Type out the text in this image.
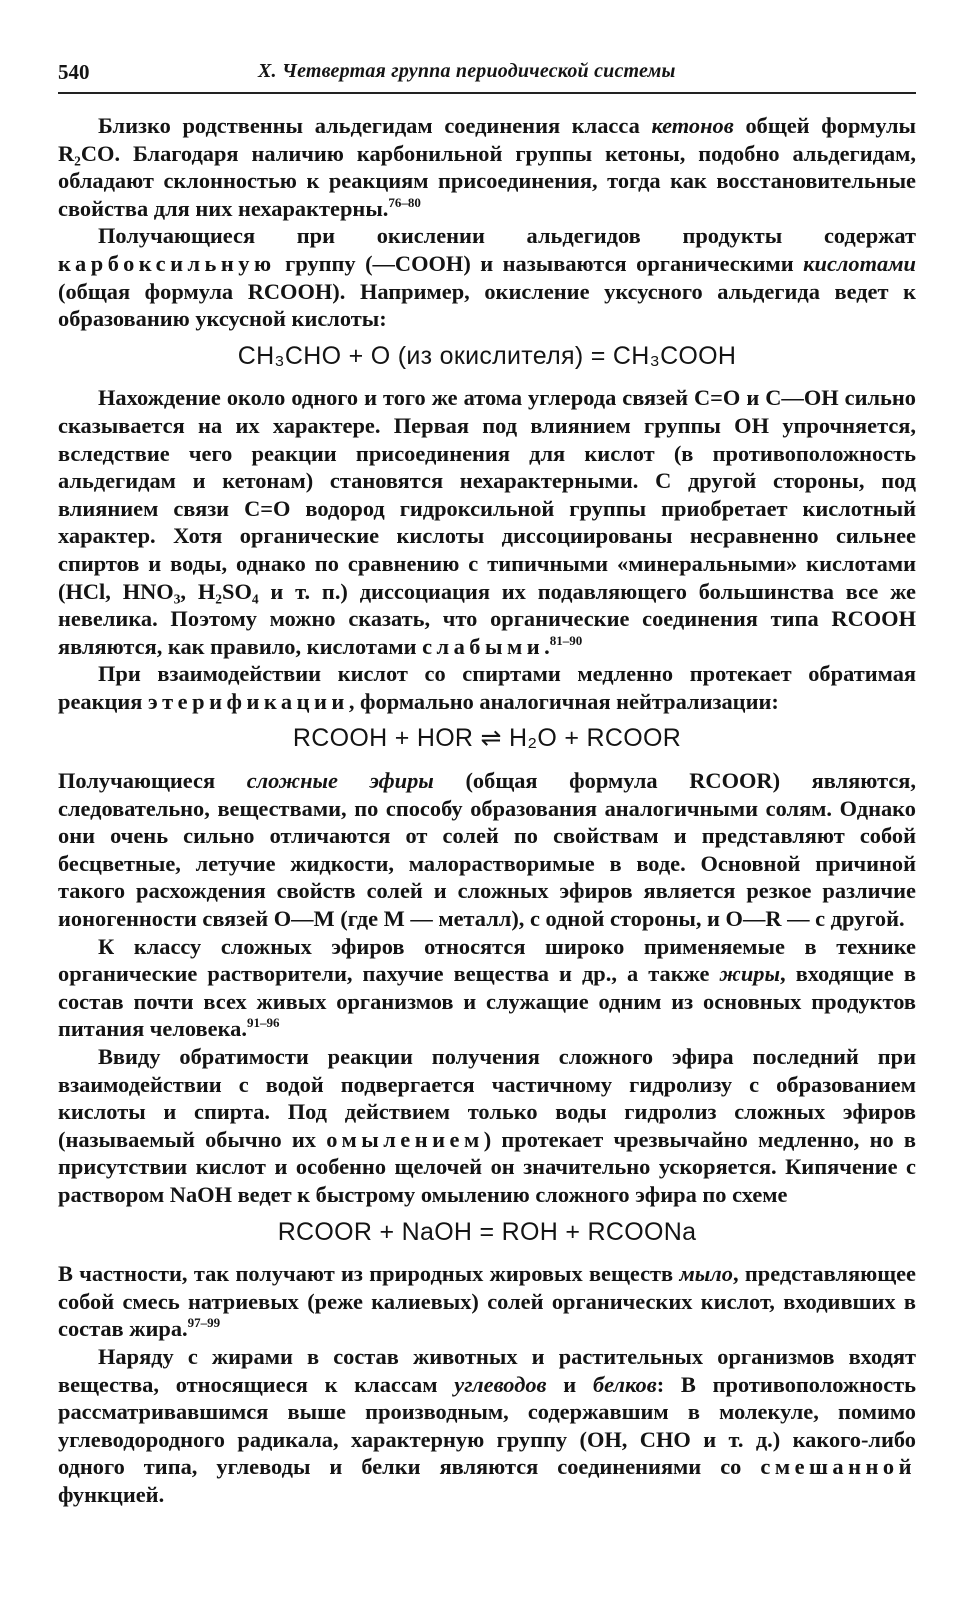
540	X. Четвертая группа периодической системы

Близко родственны альдегидам соединения класса кетонов общей формулы R₂CO. Благодаря наличию карбонильной группы кетоны, подобно альдегидам, обладают склонностью к реакциям присоединения, тогда как восстановительные свойства для них нехарактерны.$^{76-80}$

Получающиеся при окислении альдегидов продукты содержат карбоксильную группу (—COOH) и называются органическими кислотами (общая формула RCOOH). Например, окисление уксусного альдегида ведет к образованию уксусной кислоты:

CH₃CHO + O (из окислителя) = CH₃COOH

Нахождение около одного и того же атома углерода связей C=O и C—OH сильно сказывается на их характере. Первая под влиянием группы OH упрочняется, вследствие чего реакции присоединения для кислот (в противоположность альдегидам и кетонам) становятся нехарактерными. С другой стороны, под влиянием связи C=O водород гидроксильной группы приобретает кислотный характер. Хотя органические кислоты диссоциированы несравненно сильнее спиртов и воды, однако по сравнению с типичными «минеральными» кислотами (HCl, HNO₃, H₂SO₄ и т. п.) диссоциация их подавляющего большинства все же невелика. Поэтому можно сказать, что органические соединения типа RCOOH являются, как правило, кислотами слабыми.$^{81-90}$

При взаимодействии кислот со спиртами медленно протекает обратимая реакция этерификации, формально аналогичная нейтрализации:

RCOOH + HOR ⇌ H₂O + RCOOR

Получающиеся сложные эфиры (общая формула RCOOR) являются, следовательно, веществами, по способу образования аналогичными солям. Однако они очень сильно отличаются от солей по свойствам и представляют собой бесцветные, летучие жидкости, малорастворимые в воде. Основной причиной такого расхождения свойств солей и сложных эфиров является резкое различие ионогенности связей O—M (где M — металл), с одной стороны, и O—R — с другой.

К классу сложных эфиров относятся широко применяемые в технике органические растворители, пахучие вещества и др., а также жиры, входящие в состав почти всех живых организмов и служащие одним из основных продуктов питания человека.$^{91-96}$

Ввиду обратимости реакции получения сложного эфира последний при взаимодействии с водой подвергается частичному гидролизу с образованием кислоты и спирта. Под действием только воды гидролиз сложных эфиров (называемый обычно их омылением) протекает чрезвычайно медленно, но в присутствии кислот и особенно щелочей он значительно ускоряется. Кипячение с раствором NaOH ведет к быстрому омылению сложного эфира по схеме

RCOOR + NaOH = ROH + RCOONa

В частности, так получают из природных жировых веществ мыло, представляющее собой смесь натриевых (реже калиевых) солей органических кислот, входивших в состав жира.$^{97-99}$

Наряду с жирами в состав животных и растительных организмов входят вещества, относящиеся к классам углеводов и белков: В противоположность рассматривавшимся выше производным, содержавшим в молекуле, помимо углеводородного радикала, характерную группу (OH, CHO и т. д.) какого-либо одного типа, углеводы и белки являются соединениями со смешанной функцией.
